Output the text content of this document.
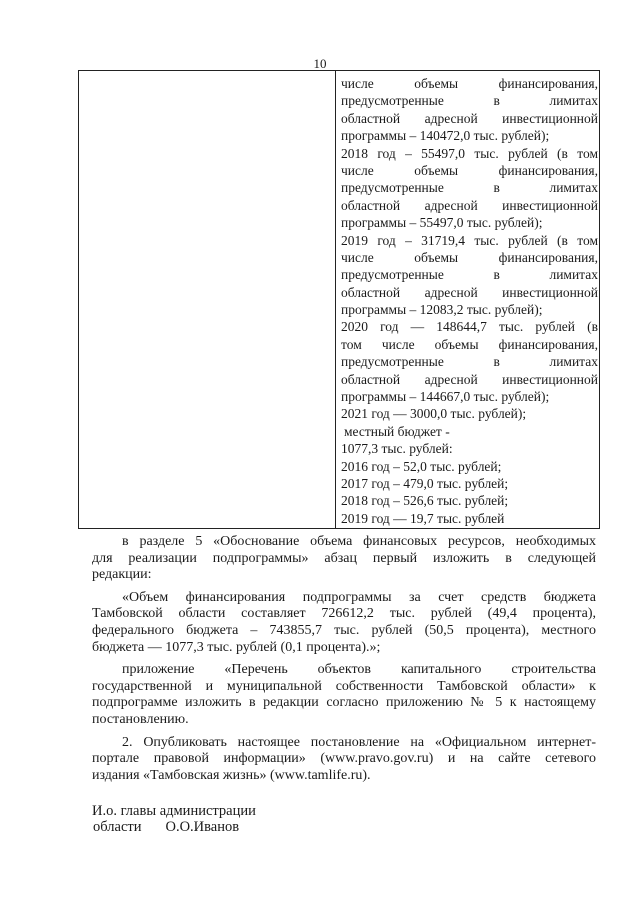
10
числе объемы финансирования,
предусмотренные в лимитах
областной адресной инвестиционной
программы – 140472,0 тыс. рублей);
2018 год – 55497,0 тыс. рублей (в том
числе объемы финансирования,
предусмотренные в лимитах
областной адресной инвестиционной
программы – 55497,0 тыс. рублей);
2019 год – 31719,4 тыс. рублей (в том
числе объемы финансирования,
предусмотренные в лимитах
областной адресной инвестиционной
программы – 12083,2 тыс. рублей);
2020 год — 148644,7 тыс. рублей (в
том числе объемы финансирования,
предусмотренные в лимитах
областной адресной инвестиционной
программы – 144667,0 тыс. рублей);
2021 год — 3000,0 тыс. рублей);
местный бюджет -
1077,3 тыс. рублей:
2016 год – 52,0 тыс. рублей;
2017 год – 479,0 тыс. рублей;
2018 год – 526,6 тыс. рублей;
2019 год — 19,7 тыс. рублей
в разделе 5 «Обоснование объема финансовых ресурсов, необходимых
для реализации подпрограммы» абзац первый изложить в следующей
редакции:
«Объем финансирования подпрограммы за счет средств бюджета
Тамбовской области составляет 726612,2 тыс. рублей (49,4 процента),
федерального бюджета – 743855,7 тыс. рублей (50,5 процента), местного
бюджета — 1077,3 тыс. рублей (0,1 процента).»;
приложение «Перечень объектов капитального строительства
государственной и муниципальной собственности Тамбовской области» к
подпрограмме изложить в редакции согласно приложению № 5 к настоящему
постановлению.
2. Опубликовать настоящее постановление на «Официальном интернет-
портале правовой информации» (www.pravo.gov.ru) и на сайте сетевого
издания «Тамбовская жизнь» (www.tamlife.ru).
И.о. главы администрации
области О.О.Иванов
